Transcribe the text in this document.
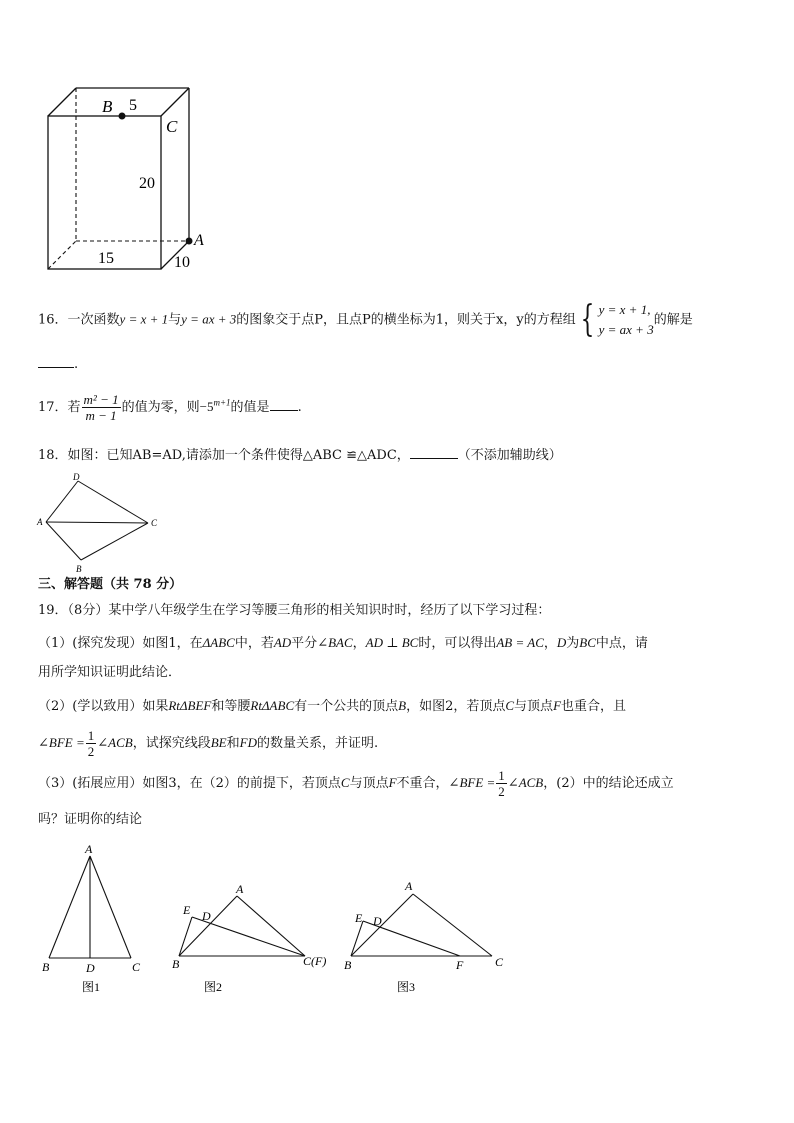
B 5
C
20
A
15	10
16．一次函数y = x + 1与y = ax + 3的图象交于点P，且点P的横坐标为1，则关于x，y的方程组 { y = x + 1,
y = ax + 3
的解是
.
17．若 $\frac{\text{m² − 1}}{m - 1}$ 的值为零，则$-5^{m+1}$的值是 .
18．如图：已知AB=AD,请添加一个条件使得△ABC ≌△ADC，	（不添加辅助线）
D
A	C
B
三、解答题（共 78 分）
19．（8分）某中学八年级学生在学习等腰三角形的相关知识时时，经历了以下学习过程：
（1）(探究发现）如图1，在ΔABC中，若AD平分∠BAC，AD ⊥ BC时，可以得出AB = AC，D为BC中点，请
用所学知识证明此结论．
（2）(学以致用）如果RtΔBEF和等腰RtΔABC有一个公共的顶点B，如图2，若顶点C与顶点F也重合，且
∠BFE = $\frac{1}{2}$ ∠ACB，试探究线段BE和FD的数量关系，并证明.
（3）(拓展应用）如图3，在（2）的前提下，若顶点C与顶点F不重合，∠BFE = $\frac{1}{2}$ ∠ACB，(2）中的结论还成立
吗？证明你的结论
A
B	D	C
图1
A
E D
B	C(F)
图2
A
E D
B	F	C
图3
